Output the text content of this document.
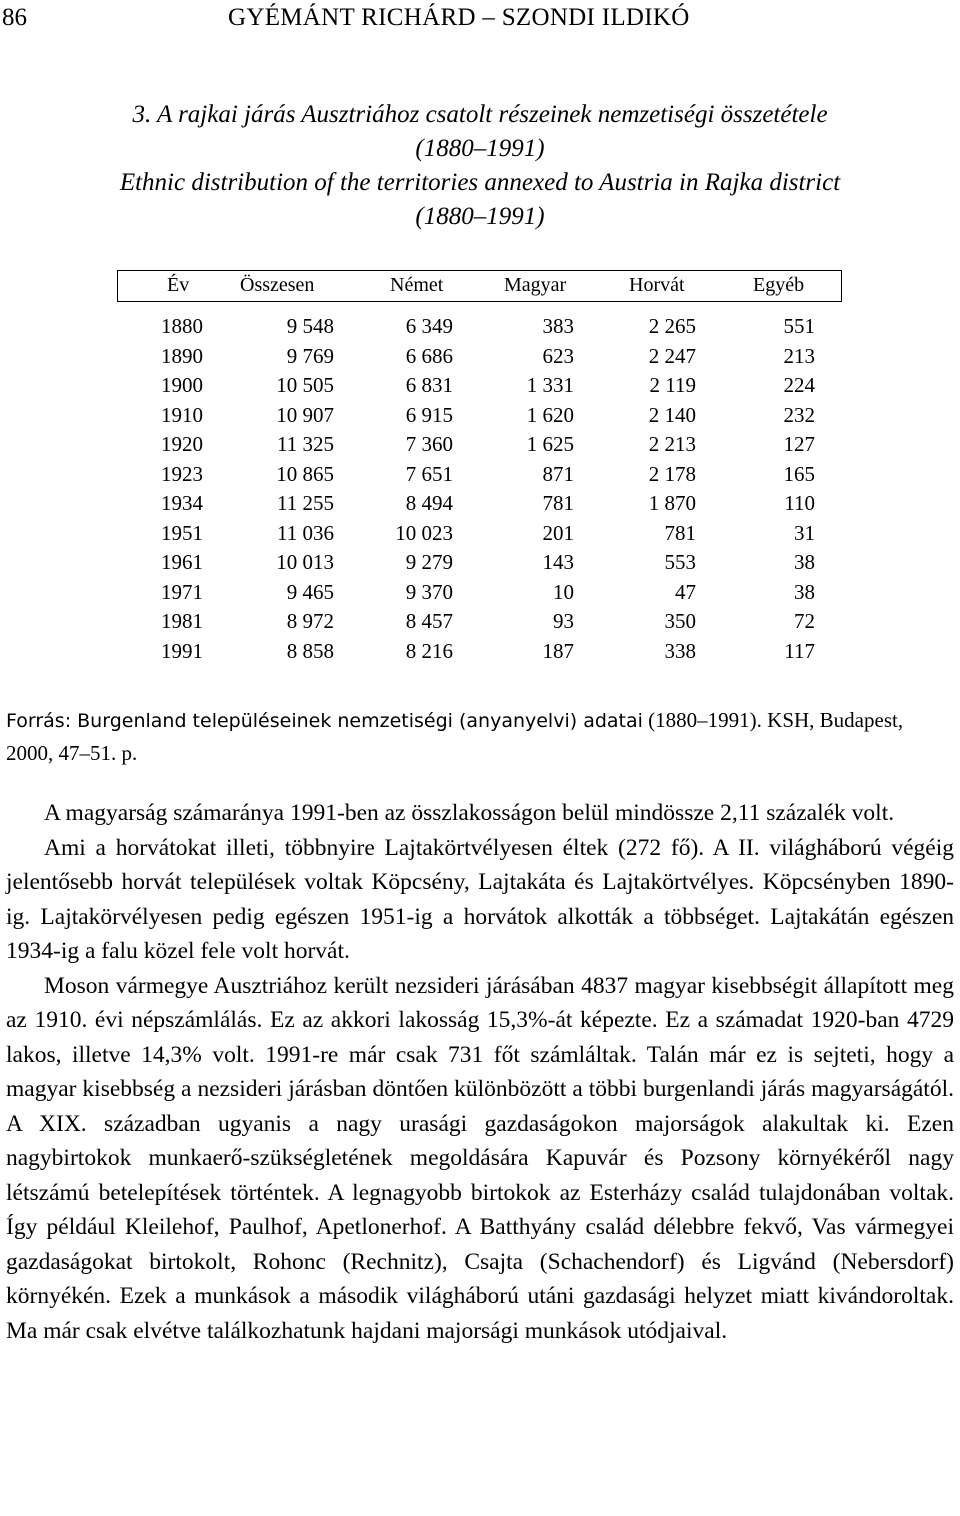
86	GYÉMÁNT RICHÁRD – SZONDI ILDIKÓ
3. A rajkai járás Ausztriához csatolt részeinek nemzetiségi összetétele
(1880–1991)
Ethnic distribution of the territories annexed to Austria in Rajka district
(1880–1991)
Év	Összesen	Német	Magyar	Horvát	Egyéb
1880	9 548	6 349	383	2 265	551
1890	9 769	6 686	623	2 247	213
1900	10 505	6 831	1 331	2 119	224
1910	10 907	6 915	1 620	2 140	232
1920	11 325	7 360	1 625	2 213	127
1923	10 865	7 651	871	2 178	165
1934	11 255	8 494	781	1 870	110
1951	11 036	10 023	201	781	31
1961	10 013	9 279	143	553	38
1971	9 465	9 370	10	47	38
1981	8 972	8 457	93	350	72
1991	8 858	8 216	187	338	117
Forrás: Burgenland településeinek nemzetiségi (anyanyelvi) adatai (1880–1991). KSH, Budapest, 2000, 47–51. p.

A magyarság számaránya 1991-ben az összlakosságon belül mindössze 2,11 százalék volt.

Ami a horvátokat illeti, többnyire Lajtakörtvélyesen éltek (272 fő). A II. világháború végéig jelentősebb horvát települések voltak Köpcsény, Lajtakáta és Lajtakörtvélyes. Köpcsényben 1890-ig. Lajtakörvélyesen pedig egészen 1951-ig a horvátok alkották a többséget. Lajtakátán egészen 1934-ig a falu közel fele volt horvát.

Moson vármegye Ausztriához került nezsideri járásában 4837 magyar kisebbségit állapított meg az 1910. évi népszámlálás. Ez az akkori lakosság 15,3%-át képezte. Ez a számadat 1920-ban 4729 lakos, illetve 14,3% volt. 1991-re már csak 731 főt számláltak. Talán már ez is sejteti, hogy a magyar kisebbség a nezsideri járásban döntően különbözött a többi burgenlandi járás magyarságától. A XIX. században ugyanis a nagy urasági gazdaságokon majorságok alakultak ki. Ezen nagybirtokok munkaerő-szükségletének megoldására Kapuvár és Pozsony környékéről nagy létszámú betelepítések történtek. A legnagyobb birtokok az Esterházy család tulajdonában voltak. Így például Kleilehof, Paulhof, Apetlonerhof. A Batthyány család délebbre fekvő, Vas vármegyei gazdaságokat birtokolt, Rohonc (Rechnitz), Csajta (Schachendorf) és Ligvánd (Nebersdorf) környékén. Ezek a munkások a második világháború utáni gazdasági helyzet miatt kivándoroltak. Ma már csak elvétve találkozhatunk hajdani majorsági munkások utódjaival.
